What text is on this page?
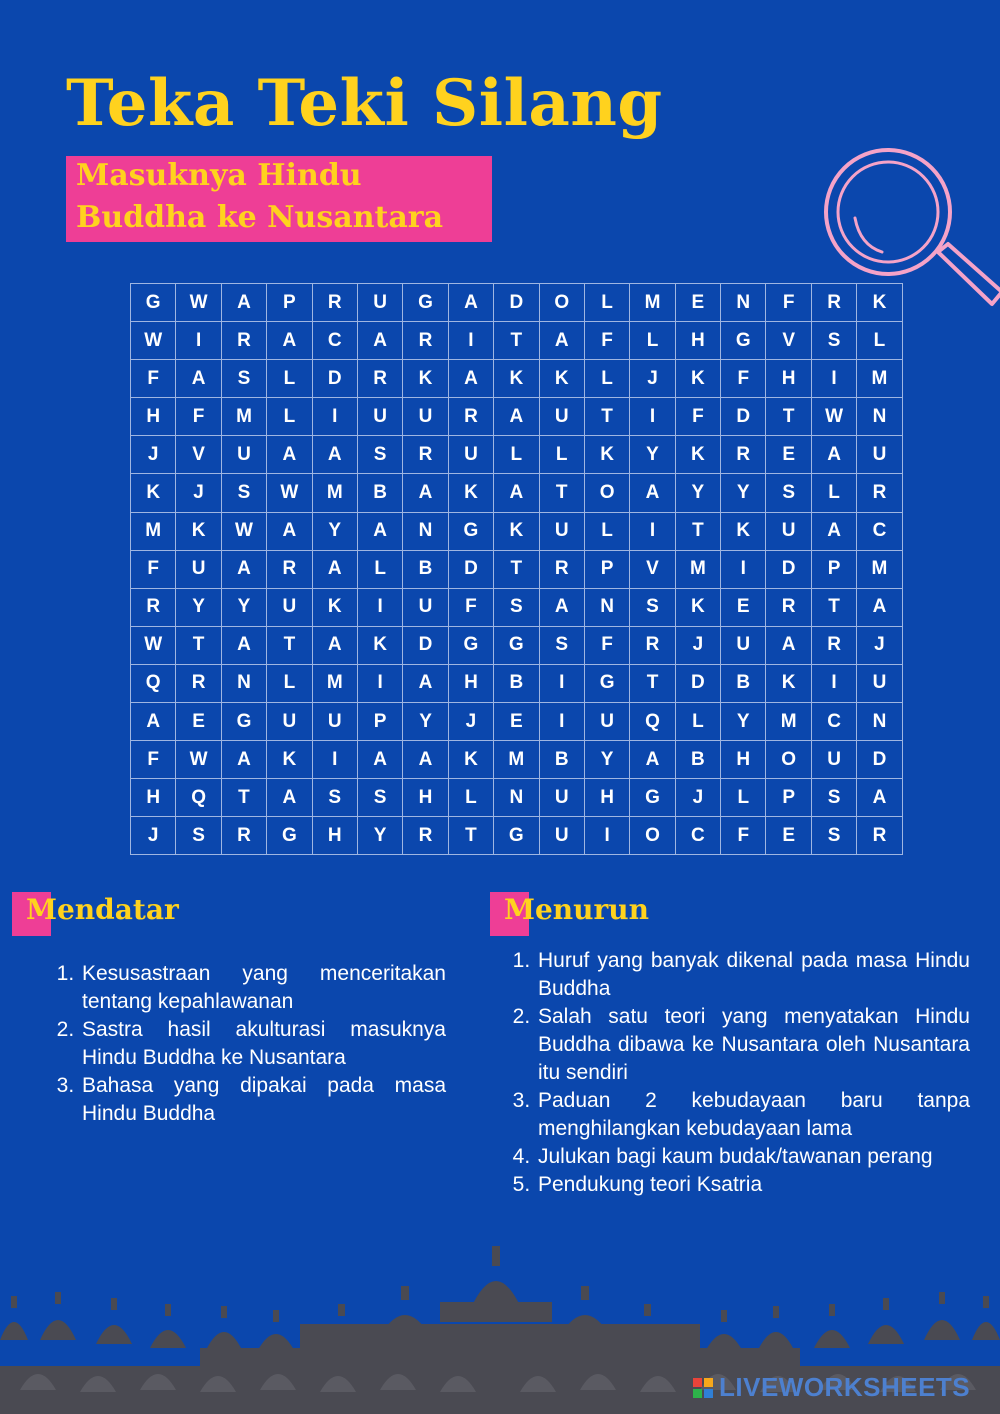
Teka Teki Silang
Masuknya Hindu
Buddha ke Nusantara
G	W	A	P	R	U	G	A	D	O	L	M	E	N	F	R	K
W	I	R	A	C	A	R	I	T	A	F	L	H	G	V	S	L
F	A	S	L	D	R	K	A	K	K	L	J	K	F	H	I	M
H	F	M	L	I	U	U	R	A	U	T	I	F	D	T	W	N
J	V	U	A	A	S	R	U	L	L	K	Y	K	R	E	A	U
K	J	S	W	M	B	A	K	A	T	O	A	Y	Y	S	L	R
M	K	W	A	Y	A	N	G	K	U	L	I	T	K	U	A	C
F	U	A	R	A	L	B	D	T	R	P	V	M	I	D	P	M
R	Y	Y	U	K	I	U	F	S	A	N	S	K	E	R	T	A
W	T	A	T	A	K	D	G	G	S	F	R	J	U	A	R	J
Q	R	N	L	M	I	A	H	B	I	G	T	D	B	K	I	U
A	E	G	U	U	P	Y	J	E	I	U	Q	L	Y	M	C	N
F	W	A	K	I	A	A	K	M	B	Y	A	B	H	O	U	D
H	Q	T	A	S	S	H	L	N	U	H	G	J	L	P	S	A
J	S	R	G	H	Y	R	T	G	U	I	O	C	F	E	S	R
Mendatar
1. Kesusastraan yang menceritakan tentang kepahlawanan
2. Sastra hasil akulturasi masuknya Hindu Buddha ke Nusantara
3. Bahasa yang dipakai pada masa Hindu Buddha
Menurun
1. Huruf yang banyak dikenal pada masa Hindu Buddha
2. Salah satu teori yang menyatakan Hindu Buddha dibawa ke Nusantara oleh Nusantara itu sendiri
3. Paduan 2 kebudayaan baru tanpa menghilangkan kebudayaan lama
4. Julukan bagi kaum budak/tawanan perang
5. Pendukung teori Ksatria
LIVEWORKSHEETS
